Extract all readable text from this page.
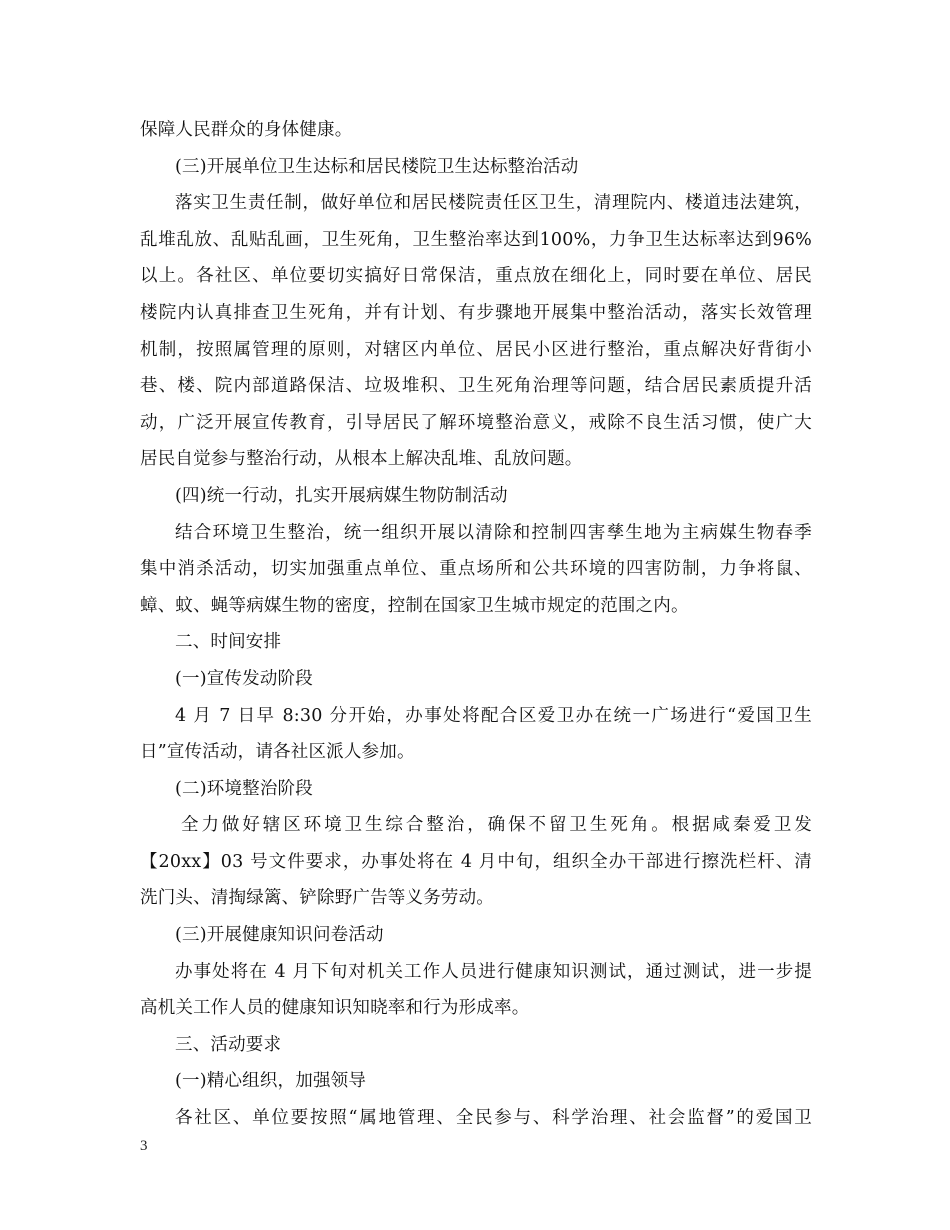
保障人民群众的身体健康。
(三)开展单位卫生达标和居民楼院卫生达标整治活动
落实卫生责任制，做好单位和居民楼院责任区卫生，清理院内、楼道违法建筑，
乱堆乱放、乱贴乱画，卫生死角，卫生整治率达到100%，力争卫生达标率达到96%
以上。各社区、单位要切实搞好日常保洁，重点放在细化上，同时要在单位、居民
楼院内认真排查卫生死角，并有计划、有步骤地开展集中整治活动，落实长效管理
机制，按照属管理的原则，对辖区内单位、居民小区进行整治，重点解决好背街小
巷、楼、院内部道路保洁、垃圾堆积、卫生死角治理等问题，结合居民素质提升活
动，广泛开展宣传教育，引导居民了解环境整治意义，戒除不良生活习惯，使广大
居民自觉参与整治行动，从根本上解决乱堆、乱放问题。
(四)统一行动，扎实开展病媒生物防制活动
结合环境卫生整治，统一组织开展以清除和控制四害孳生地为主病媒生物春季
集中消杀活动，切实加强重点单位、重点场所和公共环境的四害防制，力争将鼠、
蟑、蚊、蝇等病媒生物的密度，控制在国家卫生城市规定的范围之内。
二、时间安排
(一)宣传发动阶段
4 月 7 日早 8:30 分开始，办事处将配合区爱卫办在统一广场进行“爱国卫生
日”宣传活动，请各社区派人参加。
(二)环境整治阶段
全力做好辖区环境卫生综合整治，确保不留卫生死角。根据咸秦爱卫发
【20xx】03 号文件要求，办事处将在 4 月中旬，组织全办干部进行擦洗栏杆、清
洗门头、清掏绿篱、铲除野广告等义务劳动。
(三)开展健康知识问卷活动
办事处将在 4 月下旬对机关工作人员进行健康知识测试，通过测试，进一步提
高机关工作人员的健康知识知晓率和行为形成率。
三、活动要求
(一)精心组织，加强领导
各社区、单位要按照“属地管理、全民参与、科学治理、社会监督”的爱国卫
3
